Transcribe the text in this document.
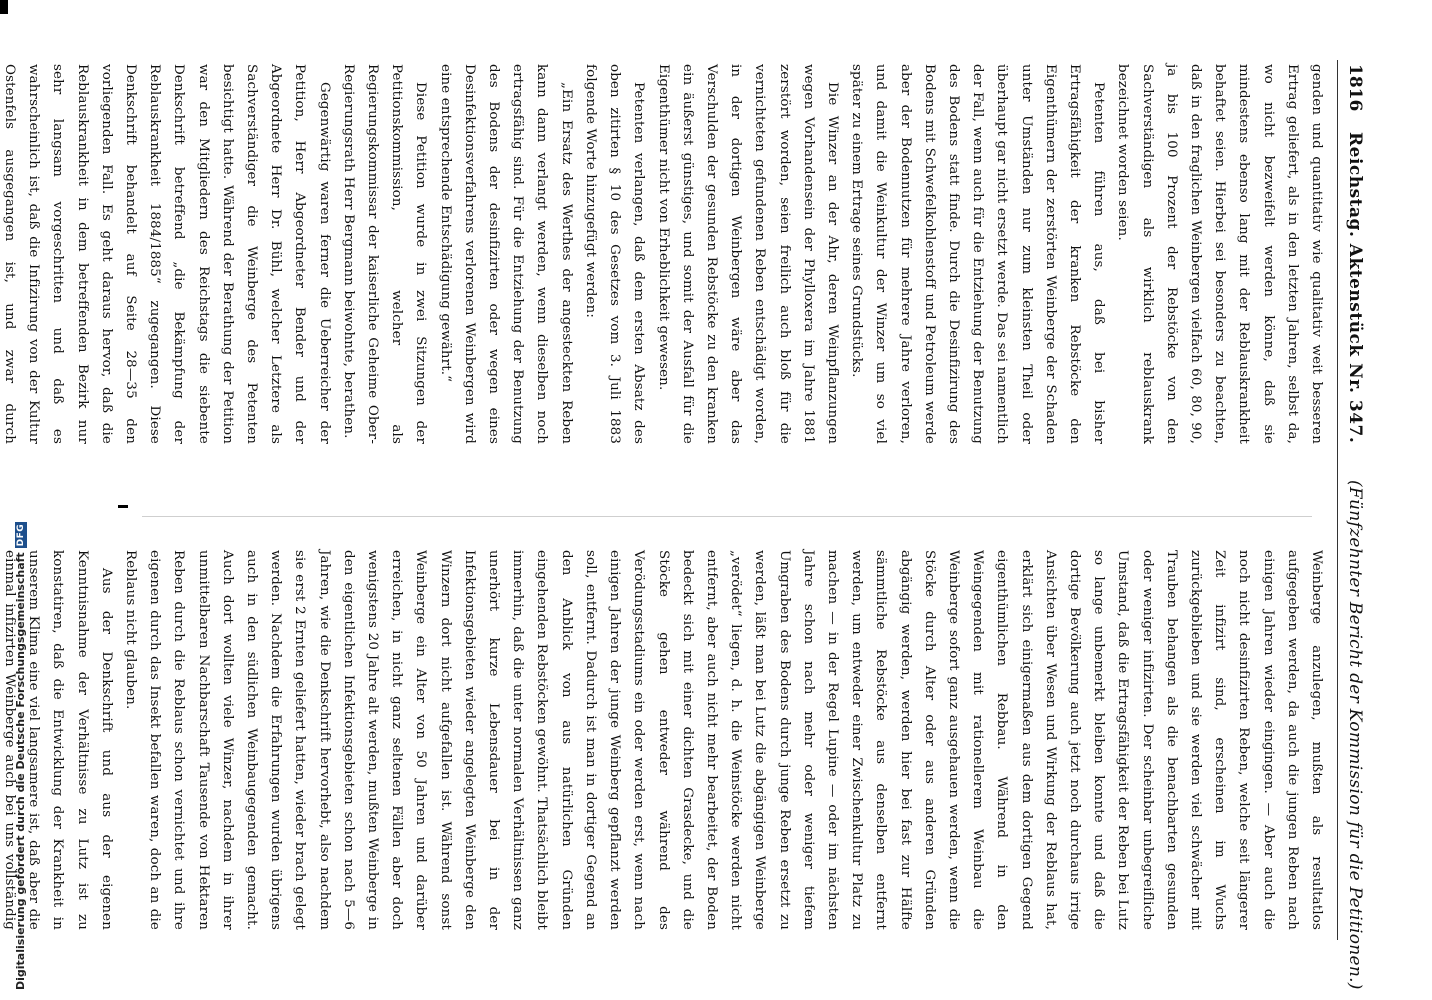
1816
Reichstag. Aktenstück Nr. 347.
(Fünfzehnter Bericht der Kommission für die Petitionen.)

genden und quantitativ wie qualitativ weit besseren Ertrag geliefert, als in den letzten Jahren, selbst da, wo nicht bezweifelt werden könne, daß sie mindestens ebenso lang mit der Reblauskrankheit behaftet seien. Hierbei sei besonders zu beachten, daß in den fraglichen Weinbergen vielfach 60, 80, 90, ja bis 100 Prozent der Rebstöcke von den Sachverständigen als wirklich reblauskrank bezeichnet worden seien.

Petenten führen aus, daß bei bisher Ertragsfähigkeit der kranken Rebstöcke den Eigenthümern der zerstörten Weinberge der Schaden unter Umständen nur zum kleinsten Theil oder überhaupt gar nicht ersetzt werde. Das sei namentlich der Fall, wenn auch für die Entziehung der Benutzung des Bodens statt finde. Durch die Desinfizirung des Bodens mit Schwefelkohlenstoff und Petroleum werde aber der Bodennutzen für mehrere Jahre verloren, und damit die Weinkultur der Winzer um so viel später zu einem Ertrage seines Grundstücks.

Die Winzer an der Ahr, deren Weinpflanzungen wegen Vorhandensein der Phylloxera im Jahre 1881 zerstört worden, seien freilich auch bloß für die vernichteten gefundenen Reben entschädigt worden, in der dortigen Weinbergen wäre aber das Verschulden der gesunden Rebstöcke zu den kranken ein äußerst günstiges, und somit der Ausfall für die Eigenthümer nicht von Erheblichkeit gewesen.

Petenten verlangen, daß dem ersten Absatz des oben zitirten § 10 des Gesetzes vom 3. Juli 1883 folgende Worte hinzugefügt werden:

„Ein Ersatz des Werthes der angesteckten Reben kann dann verlangt werden, wenn dieselben noch ertragsfähig sind. Für die Entziehung der Benutzung des Bodens der desinfizirten oder wegen eines Desinfektionsverfahrens verlorenen Weinbergen wird eine entsprechende Entschädigung gewährt.“

Diese Petition wurde in zwei Sitzungen der Petitionskommission, welcher als Regierungskommissar der kaiserliche Geheime Ober-Regierungsrath Herr Bergmann beiwohnte, berathen.

Gegenwärtig waren ferner die Ueberreicher der Petition, Herr Abgeordneter Bender und der Abgeordnete Herr Dr. Bühl, welcher Letztere als Sachverständiger die Weinberge des Petenten besichtigt hatte. Während der Berathung der Petition war den Mitgliedern des Reichstags die siebente Denkschrift betreffend „die Bekämpfung der Reblauskrankheit 1884/1885“ zugegangen. Diese Denkschrift behandelt auf Seite 28—35 den vorliegenden Fall. Es geht daraus hervor, daß die Reblauskrankheit in dem betreffenden Bezirk nur sehr langsam vorgeschritten und daß es wahrscheinlich ist, daß die Infizirung von der Kultur Ostenfels ausgegangen ist, und zwar durch

Weinberge anzulegen, mußten als resultatlos aufgegeben werden, da auch die jungen Reben nach einigen Jahren wieder eingingen. — Aber auch die noch nicht desinfizirten Reben, welche seit längerer Zeit infizirt sind, erscheinen im Wuchs zurückgeblieben und sie werden viel schwächer mit Trauben behangen als die benachbarten gesunden oder weniger infizirten. Der scheinbar unbegreifliche Umstand, daß die Ertragsfähigkeit der Reben bei Lutz so lange unbemerkt bleiben konnte und daß die dortige Bevölkerung auch jetzt noch durchaus irrige Ansichten über Wesen und Wirkung der Reblaus hat, erklärt sich einigermaßen aus dem dortigen Gegend eigenthümlichen Rebbau. Während in den Weingegenden mit rationellerem Weinbau die Weinberge sofort ganz ausgehauen werden, wenn die Stöcke durch Alter oder aus anderen Gründen abgängig werden, werden hier bei fast zur Hälfte sämmtliche Rebstöcke aus denselben entfernt werden, um entweder einer Zwischenkultur Platz zu machen — in der Regel Lupine — oder im nächsten Jahre schon nach mehr oder weniger tiefem Umgraben des Bodens durch junge Reben ersetzt zu werden, läßt man bei Lutz die abgängigen Weinberge „verödet“ liegen, d. h. die Weinstöcke werden nicht entfernt, aber auch nicht mehr bearbeitet, der Boden bedeckt sich mit einer dichten Grasdecke, und die Stöcke gehen entweder während des Verödungsstadiums ein oder werden erst, wenn nach einigen Jahren der junge Weinberg gepflanzt werden soll, entfernt. Dadurch ist man in dortiger Gegend an den Anblick von aus natürlichen Gründen eingehenden Rebstöcken gewöhnt. Thatsächlich bleibt immerhin, daß die unter normalen Verhältnissen ganz unerhört kurze Lebensdauer bei in der Infektionsgebieten wieder angelegten Weinberge den Winzern dort nicht aufgefallen ist. Während sonst Weinberge ein Alter von 50 Jahren und darüber erreichen, in nicht ganz seltenen Fällen aber doch wenigstens 20 Jahre alt werden, mußten Weinberge in den eigentlichen Infektionsgebieten schon nach 5—6 Jahren, wie die Denkschrift hervorhebt, also nachdem sie erst 2 Ernten geliefert hatten, wieder brach gelegt werden. Nachdem die Erfahrungen wurden übrigens auch in den südlichen Weinbaugegenden gemacht. Auch dort wollten viele Winzer, nachdem in ihrer unmittelbaren Nachbarschaft Tausende von Hektaren Reben durch die Reblaus schon vernichtet und ihre eigenen durch das Insekt befallen waren, doch an die Reblaus nicht glauben.

Aus der Denkschrift und aus der eigenen Kenntnisnahme der Verhältnisse zu Lutz ist zu konstatiren, daß die Entwicklung der Krankheit in unserem Klima eine viel langsamere ist, daß aber die einmal infizirten Weinberge auch bei uns vollständig

Digitalisierung gefördert durch die Deutsche Forschungsgemeinschaft
DFG
